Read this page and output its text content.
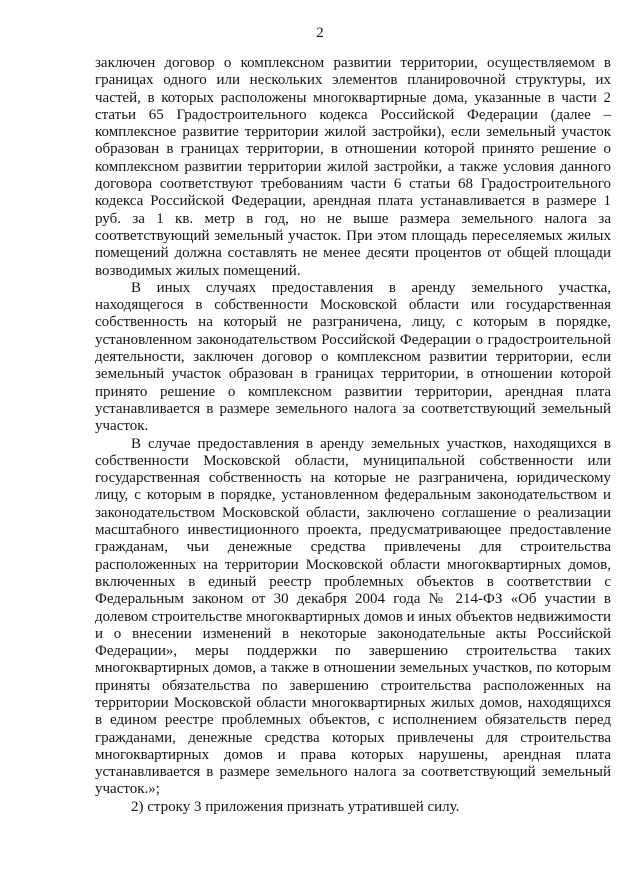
2

заключен договор о комплексном развитии территории, осуществляемом в границах одного или нескольких элементов планировочной структуры, их частей, в которых расположены многоквартирные дома, указанные в части 2 статьи 65 Градостроительного кодекса Российской Федерации (далее – комплексное развитие территории жилой застройки), если земельный участок образован в границах территории, в отношении которой принято решение о комплексном развитии территории жилой застройки, а также условия данного договора соответствуют требованиям части 6 статьи 68 Градостроительного кодекса Российской Федерации, арендная плата устанавливается в размере 1 руб. за 1 кв. метр в год, но не выше размера земельного налога за соответствующий земельный участок. При этом площадь переселяемых жилых помещений должна составлять не менее десяти процентов от общей площади возводимых жилых помещений.

В иных случаях предоставления в аренду земельного участка, находящегося в собственности Московской области или государственная собственность на который не разграничена, лицу, с которым в порядке, установленном законодательством Российской Федерации о градостроительной деятельности, заключен договор о комплексном развитии территории, если земельный участок образован в границах территории, в отношении которой принято решение о комплексном развитии территории, арендная плата устанавливается в размере земельного налога за соответствующий земельный участок.

В случае предоставления в аренду земельных участков, находящихся в собственности Московской области, муниципальной собственности или государственная собственность на которые не разграничена, юридическому лицу, с которым в порядке, установленном федеральным законодательством и законодательством Московской области, заключено соглашение о реализации масштабного инвестиционного проекта, предусматривающее предоставление гражданам, чьи денежные средства привлечены для строительства расположенных на территории Московской области многоквартирных домов, включенных в единый реестр проблемных объектов в соответствии с Федеральным законом от 30 декабря 2004 года № 214-ФЗ «Об участии в долевом строительстве многоквартирных домов и иных объектов недвижимости и о внесении изменений в некоторые законодательные акты Российской Федерации», меры поддержки по завершению строительства таких многоквартирных домов, а также в отношении земельных участков, по которым приняты обязательства по завершению строительства расположенных на территории Московской области многоквартирных жилых домов, находящихся в едином реестре проблемных объектов, с исполнением обязательств перед гражданами, денежные средства которых привлечены для строительства многоквартирных домов и права которых нарушены, арендная плата устанавливается в размере земельного налога за соответствующий земельный участок.»;

2) строку 3 приложения признать утратившей силу.
